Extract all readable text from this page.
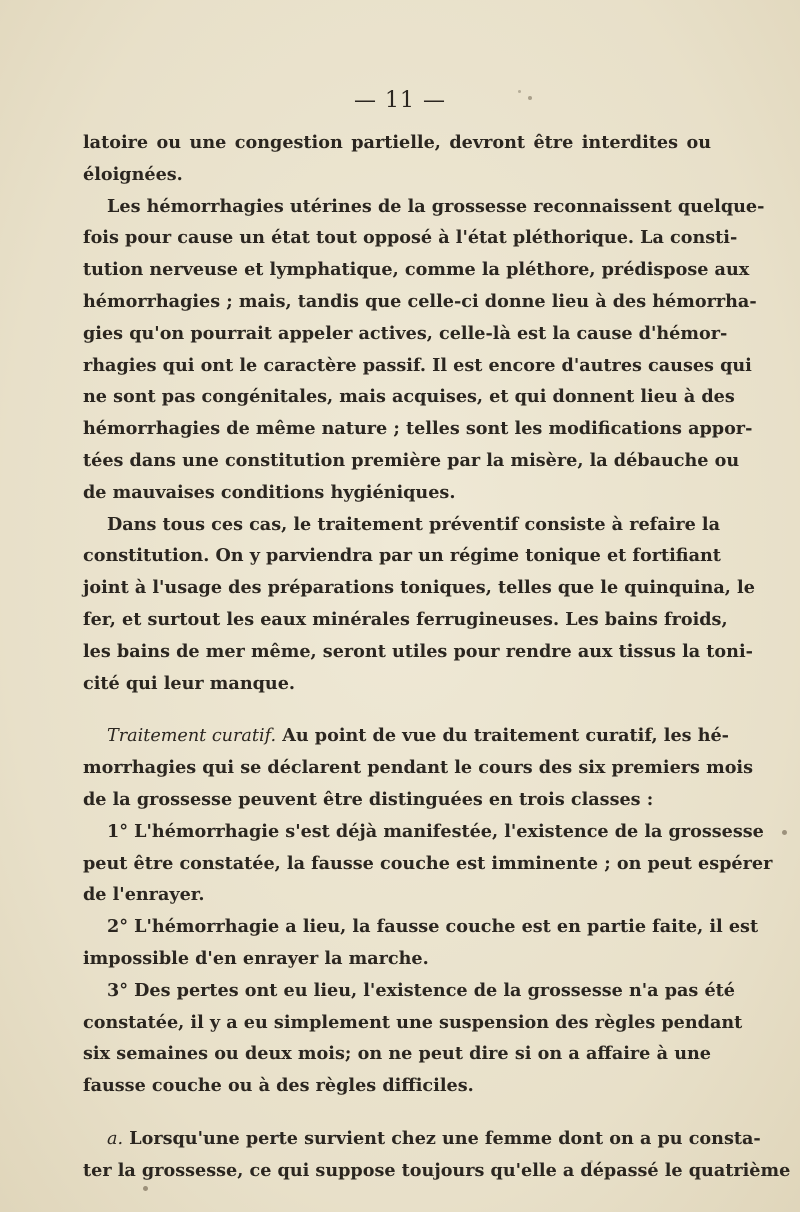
— 11 —
latoire ou une congestion partielle, devront être interdites ou
éloignées.
Les hémorrhagies utérines de la grossesse reconnaissent quelque-
fois pour cause un état tout opposé à l'état pléthorique. La consti-
tution nerveuse et lymphatique, comme la pléthore, prédispose aux
hémorrhagies ; mais, tandis que celle-ci donne lieu à des hémorrha-
gies qu'on pourrait appeler actives, celle-là est la cause d'hémor-
rhagies qui ont le caractère passif. Il est encore d'autres causes qui
ne sont pas congénitales, mais acquises, et qui donnent lieu à des
hémorrhagies de même nature ; telles sont les modifications appor-
tées dans une constitution première par la misère, la débauche ou
de mauvaises conditions hygiéniques.
Dans tous ces cas, le traitement préventif consiste à refaire la
constitution. On y parviendra par un régime tonique et fortifiant
joint à l'usage des préparations toniques, telles que le quinquina, le
fer, et surtout les eaux minérales ferrugineuses. Les bains froids,
les bains de mer même, seront utiles pour rendre aux tissus la toni-
cité qui leur manque.
Traitement curatif. Au point de vue du traitement curatif, les hé-
morrhagies qui se déclarent pendant le cours des six premiers mois
de la grossesse peuvent être distinguées en trois classes :
1° L'hémorrhagie s'est déjà manifestée, l'existence de la grossesse
peut être constatée, la fausse couche est imminente ; on peut espérer
de l'enrayer.
2° L'hémorrhagie a lieu, la fausse couche est en partie faite, il est
impossible d'en enrayer la marche.
3° Des pertes ont eu lieu, l'existence de la grossesse n'a pas été
constatée, il y a eu simplement une suspension des règles pendant
six semaines ou deux mois; on ne peut dire si on a affaire à une
fausse couche ou à des règles difficiles.
a. Lorsqu'une perte survient chez une femme dont on a pu consta-
ter la grossesse, ce qui suppose toujours qu'elle a dépassé le quatrième
